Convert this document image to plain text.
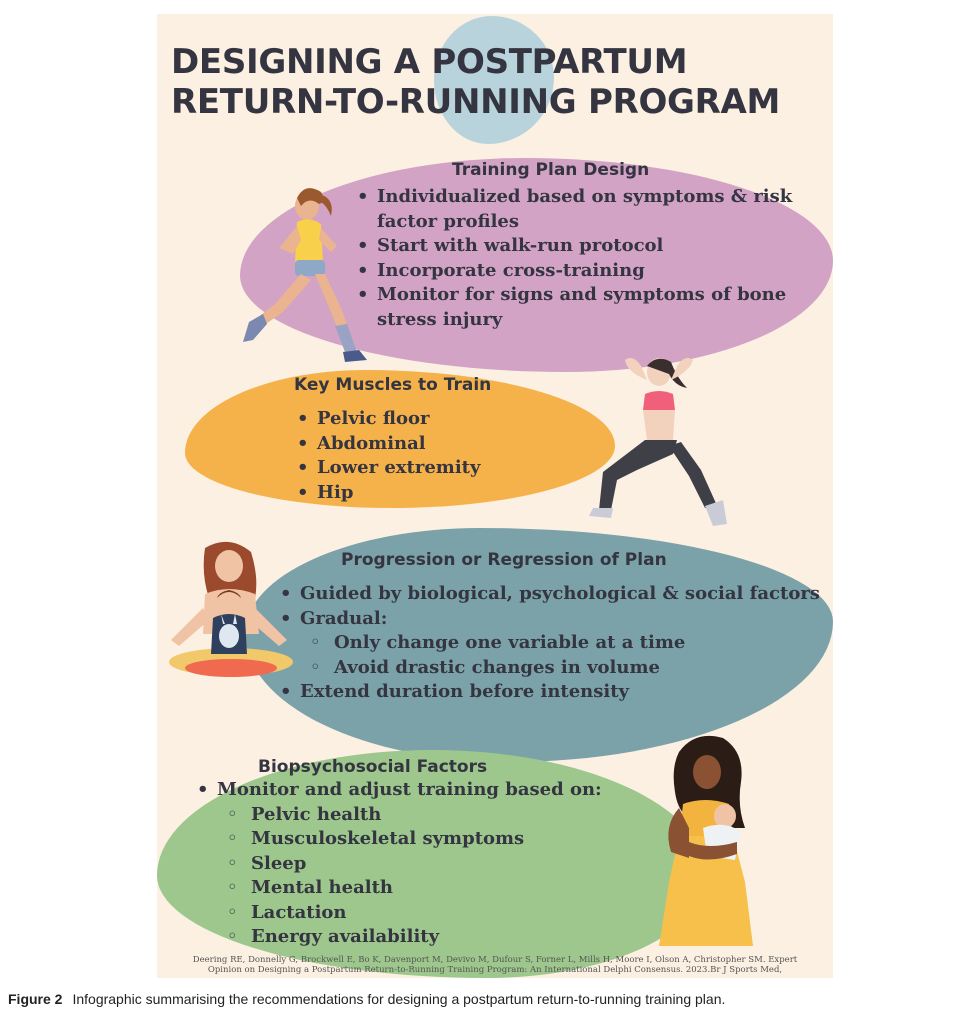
DESIGNING A POSTPARTUM
RETURN-TO-RUNNING PROGRAM
Training Plan Design
• Individualized based on symptoms & risk
factor profiles
• Start with walk-run protocol
• Incorporate cross-training
• Monitor for signs and symptoms of bone
stress injury
Key Muscles to Train
• Pelvic floor
• Abdominal
• Lower extremity
• Hip
Progression or Regression of Plan
• Guided by biological, psychological & social factors
• Gradual:
◦ Only change one variable at a time
◦ Avoid drastic changes in volume
• Extend duration before intensity
Biopsychosocial Factors
• Monitor and adjust training based on:
◦ Pelvic health
◦ Musculoskeletal symptoms
◦ Sleep
◦ Mental health
◦ Lactation
◦ Energy availability
Deering RE, Donnelly G, Brockwell E, Bo K, Davenport M, Devivo M, Dufour S, Forner L, Mills H, Moore I, Olson A, Christopher SM. Expert
Opinion on Designing a Postpartum Return-to-Running Training Program: An International Delphi Consensus. 2023.Br J Sports Med,

Figure 2 Infographic summarising the recommendations for designing a postpartum return-to-running training plan.
